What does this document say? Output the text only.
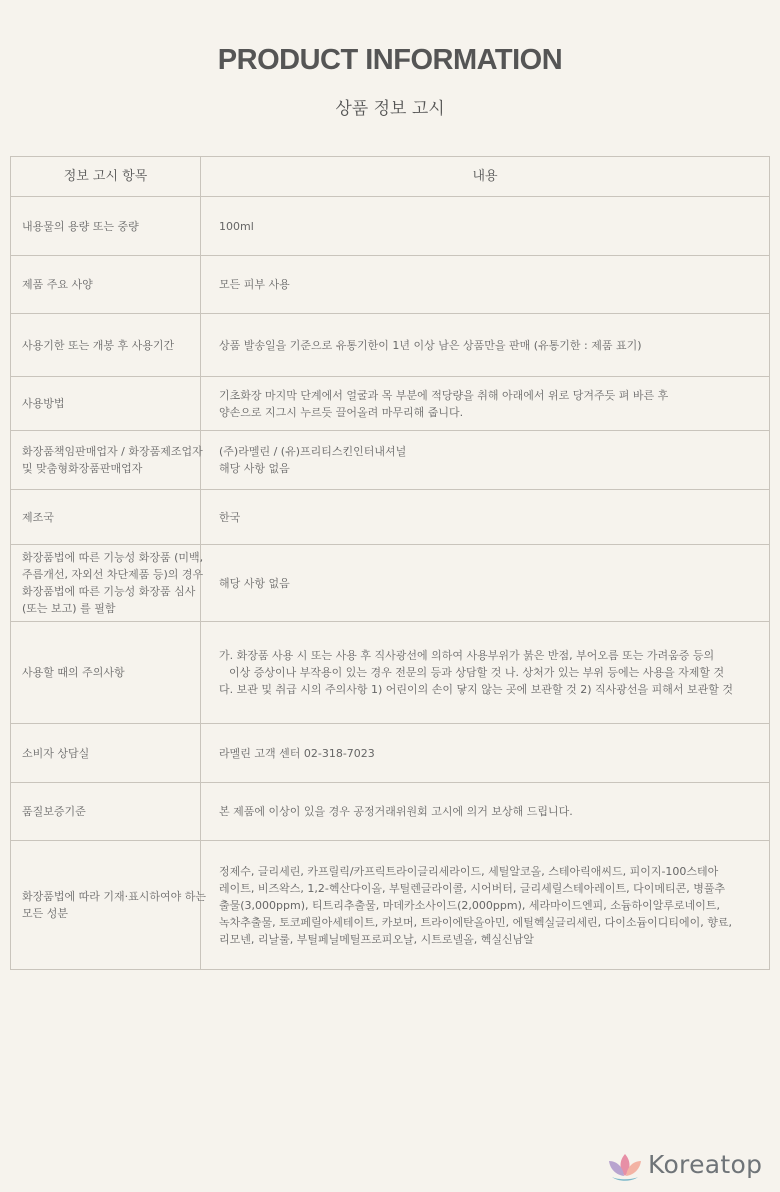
PRODUCT INFORMATION
상품 정보 고시
정보 고시 항목	내용

내용물의 용량 또는 중량	100ml

제품 주요 사양	모든 피부 사용

사용기한 또는 개봉 후 사용기간	상품 발송일을 기준으로 유통기한이 1년 이상 남은 상품만을 판매 (유통기한 : 제품 표기)

사용방법	기초화장 마지막 단계에서 얼굴과 목 부분에 적당량을 취해 아래에서 위로 당겨주듯 펴 바른 후
양손으로 지그시 누르듯 끌어올려 마무리해 줍니다.

화장품책임판매업자 / 화장품제조업자
및 맞춤형화장품판매업자	(주)라멜린 / (유)프리티스킨인터내셔널
해당 사항 없음

제조국	한국

화장품법에 따른 기능성 화장품 (미백,
주름개선, 자외선 차단제품 등)의 경우
화장품법에 따른 기능성 화장품 심사
(또는 보고) 를 필함	해당 사항 없음

사용할 때의 주의사항	가. 화장품 사용 시 또는 사용 후 직사광선에 의하여 사용부위가 붉은 반점, 부어오름 또는 가려움증 등의
이상 증상이나 부작용이 있는 경우 전문의 등과 상담할 것 나. 상처가 있는 부위 등에는 사용을 자제할 것
다. 보관 및 취급 시의 주의사항 1) 어린이의 손이 닿지 않는 곳에 보관할 것 2) 직사광선을 피해서 보관할 것

소비자 상담실	라멜린 고객 센터 02-318-7023

품질보증기준	본 제품에 이상이 있을 경우 공정거래위원회 고시에 의거 보상해 드립니다.

화장품법에 따라 기재·표시하여야 하는
모든 성분	정제수, 글리세린, 카프릴릭/카프릭트라이글리세라이드, 세틸알코올, 스테아릭애씨드, 피이지-100스테아
레이트, 비즈왁스, 1,2-헥산다이올, 부틸렌글라이콜, 시어버터, 글리세릴스테아레이트, 다이메티콘, 병풀추
출물(3,000ppm), 티트리추출물, 마데카소사이드(2,000ppm), 세라마이드엔피, 소듐하이알루로네이트,
녹차추출물, 토코페릴아세테이트, 카보머, 트라이에탄올아민, 에틸헥실글리세린, 다이소듐이디티에이, 향료,
리모넨, 리날룰, 부틸페닐메틸프로피오날, 시트로넬올, 헥실신남알
Koreatop
